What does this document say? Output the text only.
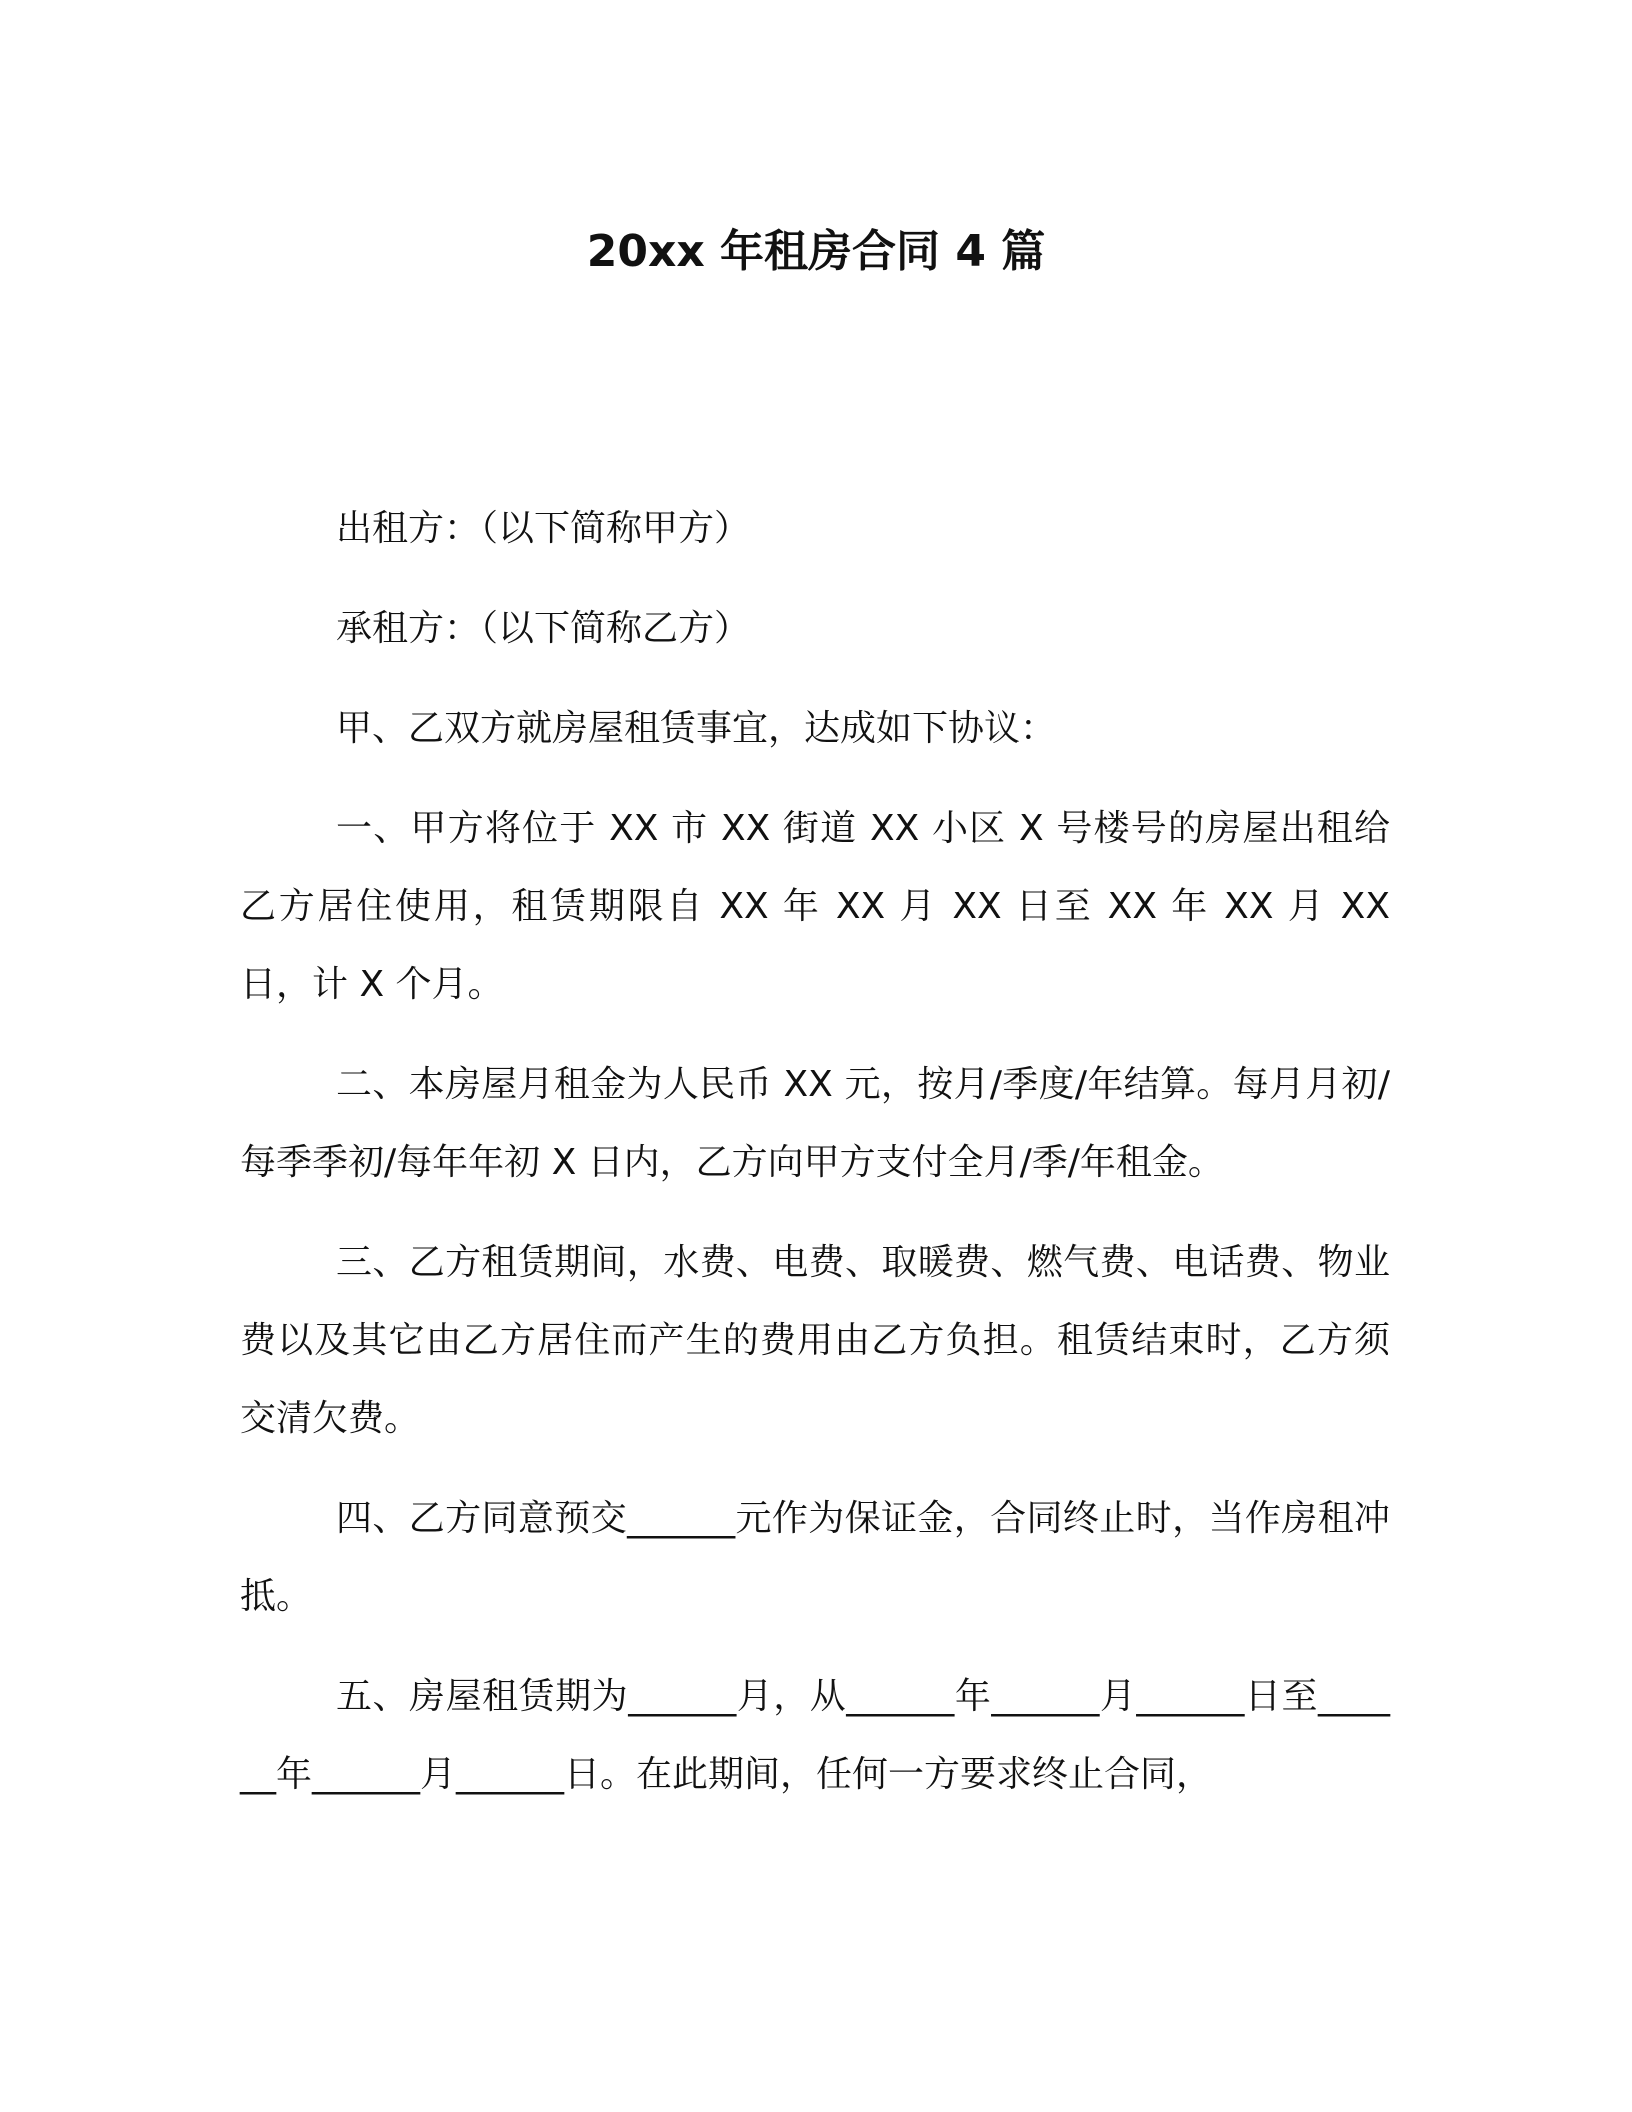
20xx 年租房合同 4 篇

出租方：（以下简称甲方）

承租方：（以下简称乙方）

甲、乙双方就房屋租赁事宜，达成如下协议：

一、甲方将位于 XX 市 XX 街道 XX 小区 X 号楼号的房屋出租给乙方居住使用，租赁期限自 XX 年 XX 月 XX 日至 XX 年 XX 月 XX 日，计 X 个月。

二、本房屋月租金为人民币 XX 元，按月/季度/年结算。每月月初/每季季初/每年年初 X 日内，乙方向甲方支付全月/季/年租金。

三、乙方租赁期间，水费、电费、取暖费、燃气费、电话费、物业费以及其它由乙方居住而产生的费用由乙方负担。租赁结束时，乙方须交清欠费。

四、乙方同意预交______元作为保证金，合同终止时，当作房租冲抵。

五、房屋租赁期为______月，从______年______月______日至______年______月______日。在此期间，任何一方要求终止合同，
